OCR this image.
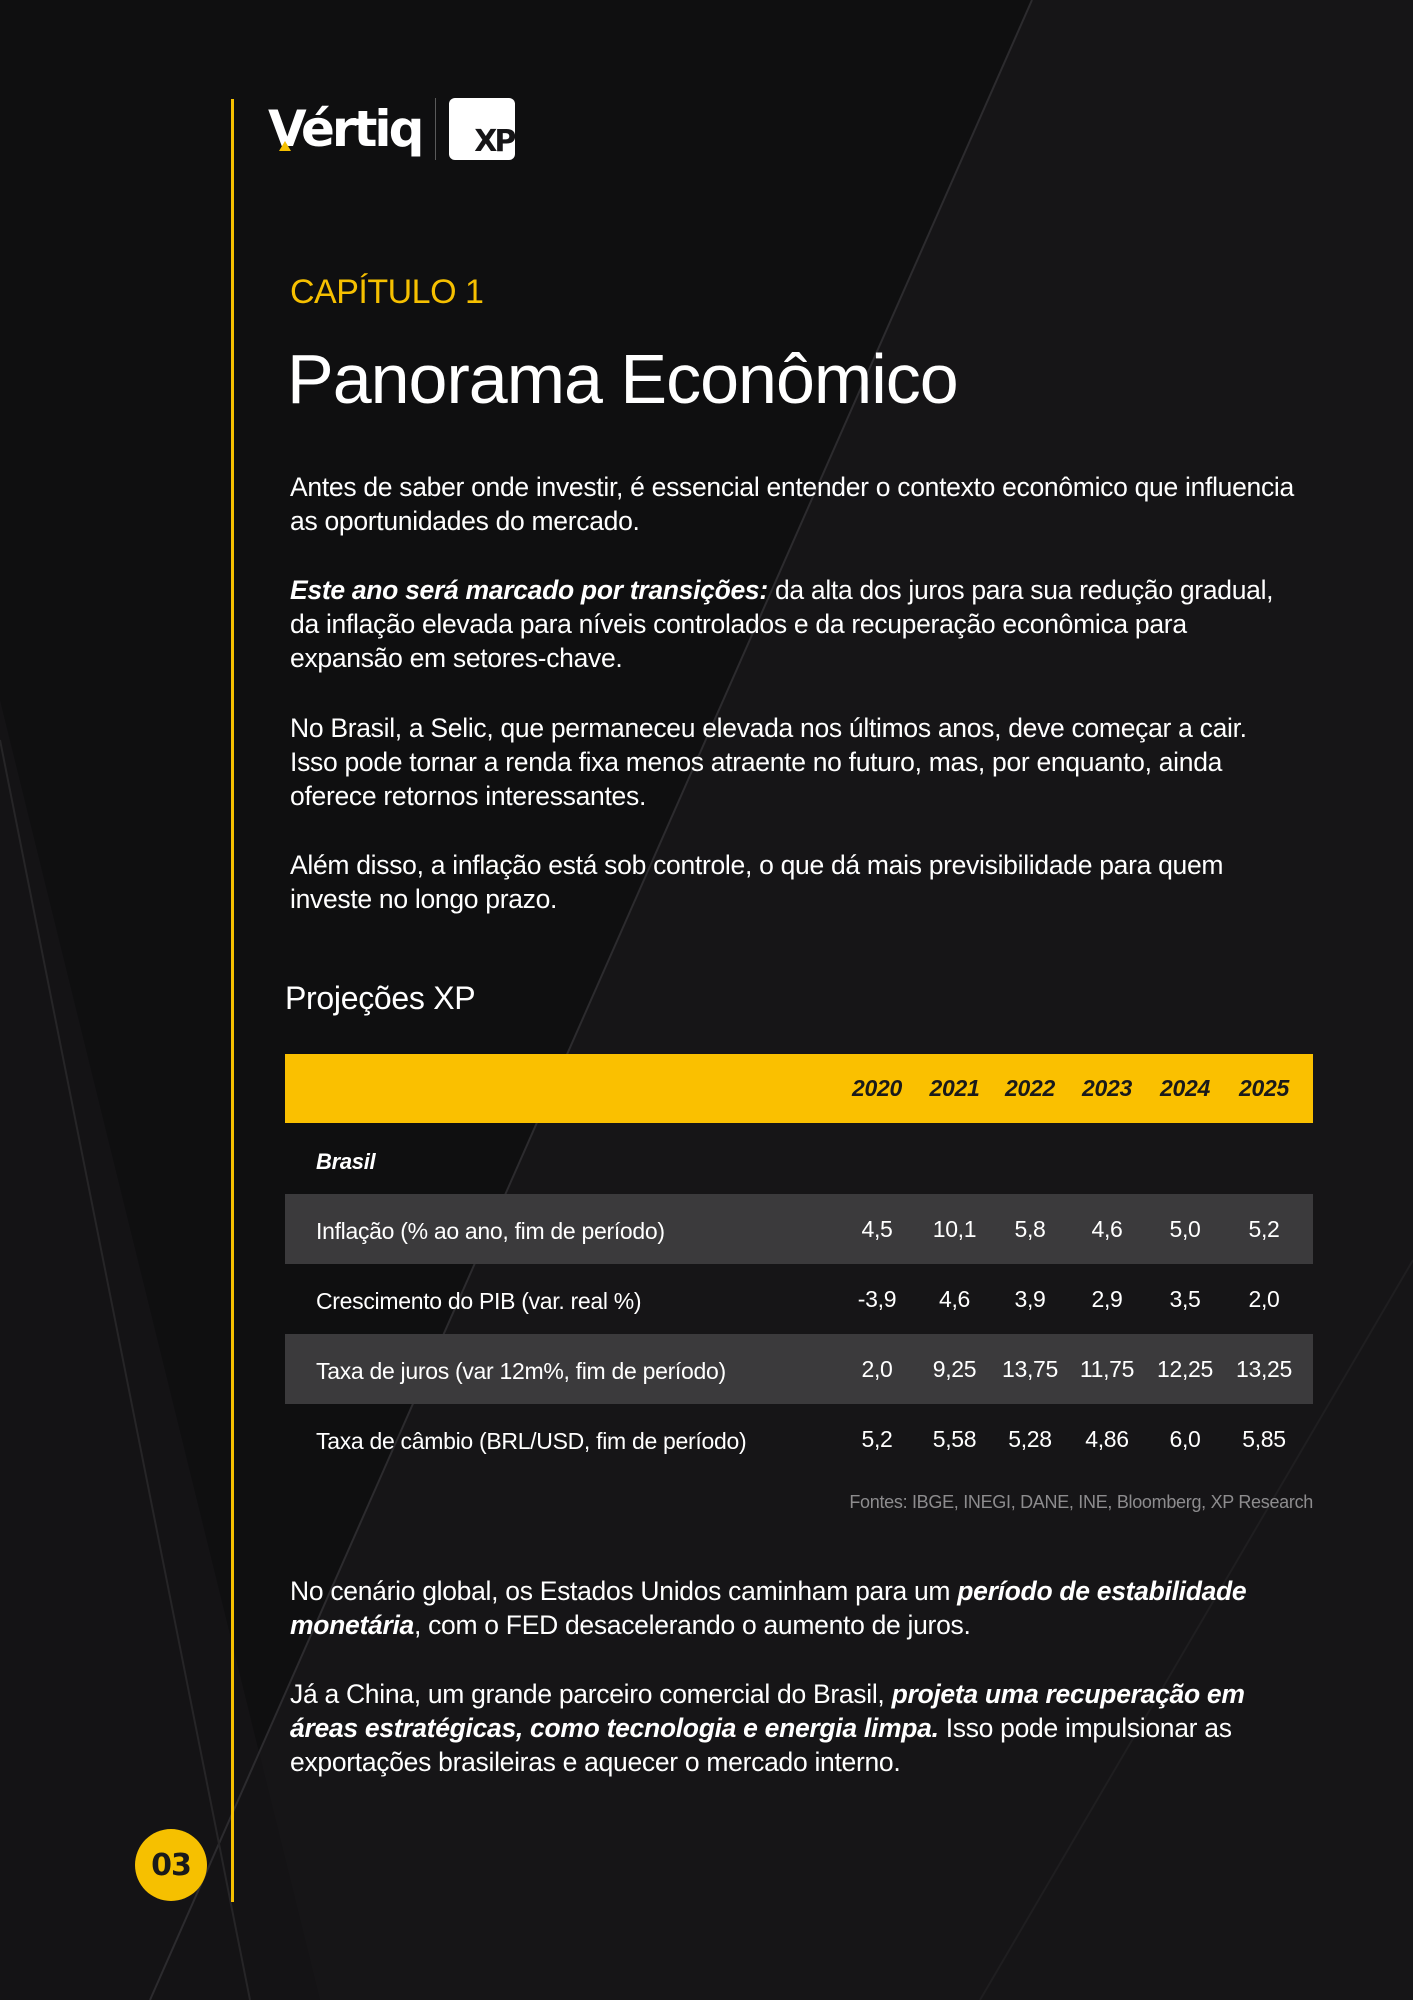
Vértiq XP
CAPÍTULO 1
Panorama Econômico

Antes de saber onde investir, é essencial entender o contexto econômico que influencia as oportunidades do mercado.

Este ano será marcado por transições: da alta dos juros para sua redução gradual, da inflação elevada para níveis controlados e da recuperação econômica para expansão em setores-chave.

No Brasil, a Selic, que permaneceu elevada nos últimos anos, deve começar a cair. Isso pode tornar a renda fixa menos atraente no futuro, mas, por enquanto, ainda oferece retornos interessantes.

Além disso, a inflação está sob controle, o que dá mais previsibilidade para quem investe no longo prazo.

Projeções XP
2020	2021	2022	2023	2024	2025
Brasil
Inflação (% ao ano, fim de período)	4,5	10,1	5,8	4,6	5,0	5,2
Crescimento do PIB (var. real %)	-3,9	4,6	3,9	2,9	3,5	2,0
Taxa de juros (var 12m%, fim de período)	2,0	9,25	13,75 11,75 12,25 13,25
Taxa de câmbio (BRL/USD, fim de período)	5,2	5,58	5,28	4,86	6,0	5,85
Fontes: IBGE, INEGI, DANE, INE, Bloomberg, XP Research

No cenário global, os Estados Unidos caminham para um período de estabilidade monetária, com o FED desacelerando o aumento de juros.

Já a China, um grande parceiro comercial do Brasil, projeta uma recuperação em áreas estratégicas, como tecnologia e energia limpa. Isso pode impulsionar as exportações brasileiras e aquecer o mercado interno.

03
